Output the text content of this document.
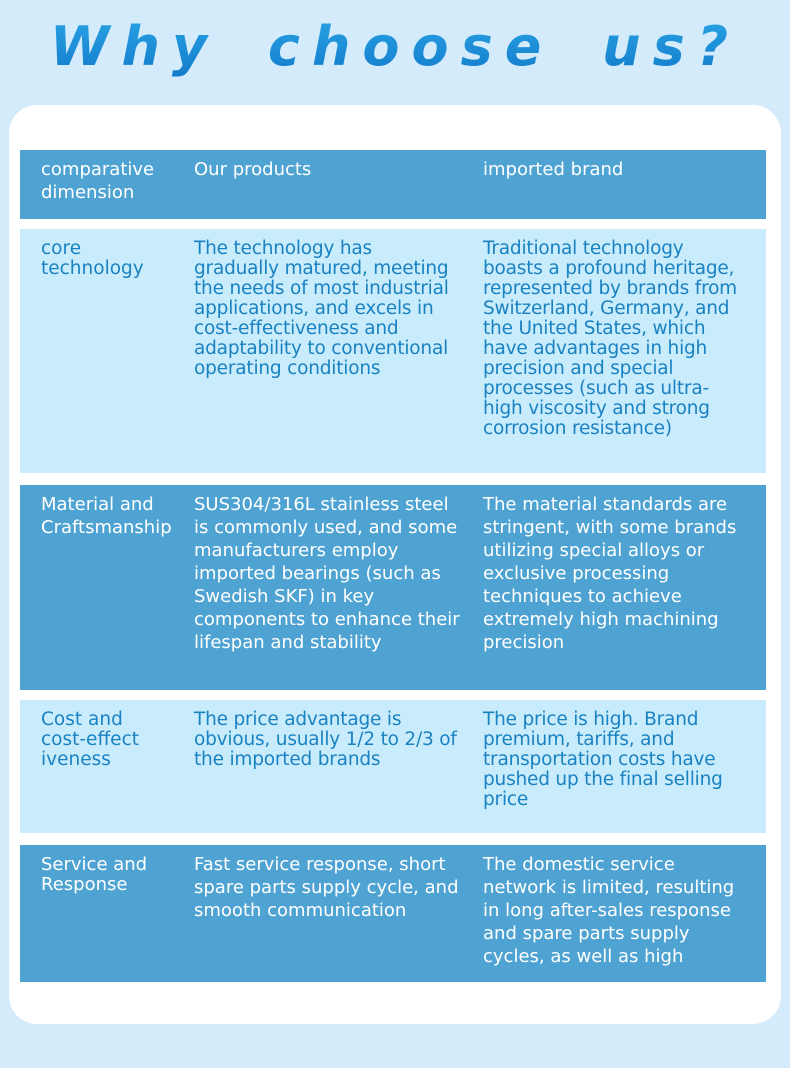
Why choose us?
comparative dimension
Our products	imported brand
core technology
The technology has gradually matured, meeting the needs of most industrial applications, and excels in cost-effectiveness and adaptability to conventional operating conditions
Traditional technology boasts a profound heritage, represented by brands from Switzerland, Germany, and the United States, which have advantages in high precision and special processes (such as ultra-high viscosity and strong corrosion resistance)
Material and Craftsmanship
SUS304/316L stainless steel is commonly used, and some manufacturers employ imported bearings (such as Swedish SKF) in key components to enhance their lifespan and stability
The material standards are stringent, with some brands utilizing special alloys or exclusive processing techniques to achieve extremely high machining precision
Cost and cost-effect iveness
The price advantage is obvious, usually 1/2 to 2/3 of the imported brands
The price is high. Brand premium, tariffs, and transportation costs have pushed up the final selling price
Service and Response
Fast service response, short spare parts supply cycle, and smooth communication
The domestic service network is limited, resulting in long after-sales response and spare parts supply cycles, as well as high
